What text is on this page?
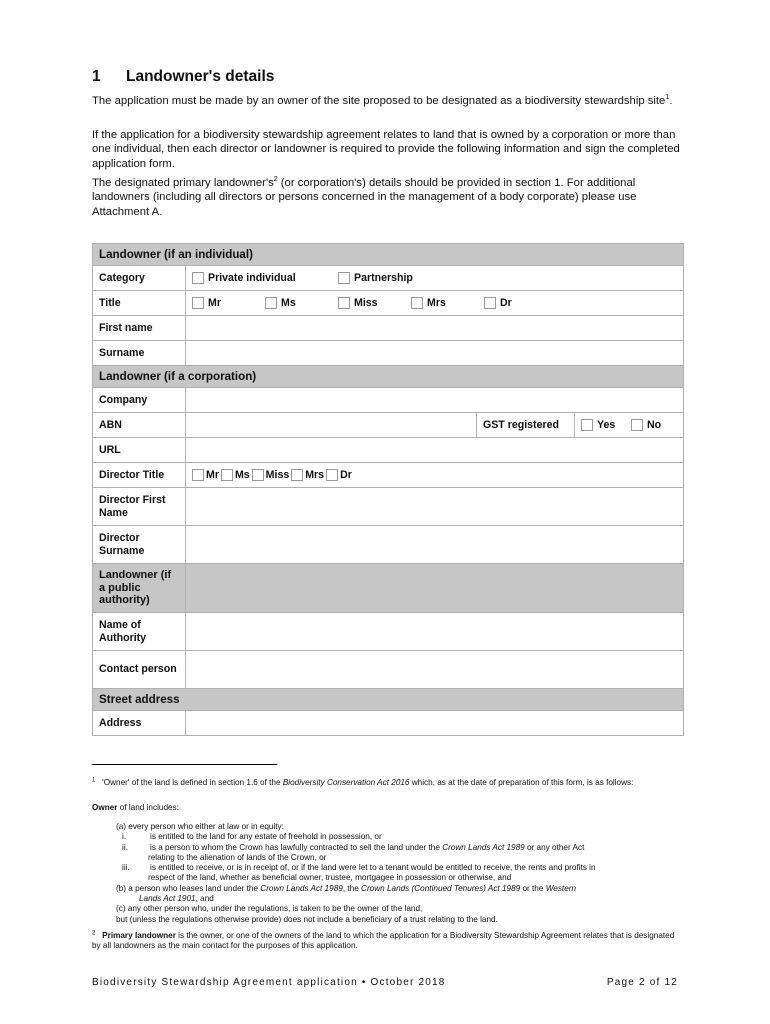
1 Landowner's details
The application must be made by an owner of the site proposed to be designated as a biodiversity stewardship site$^1$.
If the application for a biodiversity stewardship agreement relates to land that is owned by a corporation or more than one individual, then each director or landowner is required to provide the following information and sign the completed application form.
The designated primary $landowner's^2$ (or corporation's) details should be provided in section 1. For additional landowners (including all directors or persons concerned in the management of a body corporate) please use Attachment A.
Landowner (if an individual)			
Category	Private individual Partnership		

Title	Mr Ms Miss Mrs Dr		

First name			
Surname			
Landowner (if a corporation)			
Company			
ABN		GST registered	Yes No

URL			
Director Title	Mr Ms Miss Mrs Dr		

Director First Name			
Director Surname			
Landowner (if a public authority)			
Name of Authority			
Contact person			
Street address			
Address			
$^1$ 'Owner' of the land is defined in section 1.6 of the Biodiversity Conservation Act 2016 which, as at the date of preparation of this form, is as follows:
Owner of land includes:
(a) every person who either at law or in equity:
i.	is entitled to the land for any estate of freehold in possession, or
ii.	is a person to whom the Crown has lawfully contracted to sell the land under the Crown Lands Act 1989 or any other Act
relating to the alienation of lands of the Crown, or
iii.	is entitled to receive, or is in receipt of, or if the land were let to a tenant would be entitled to receive, the rents and profits in
respect of the land, whether as beneficial owner, trustee, mortgagee in possession or otherwise, and
(b) a person who leases land under the Crown Lands Act 1989, the Crown Lands (Continued Tenures) Act 1989 or the Western
Lands Act 1901, and
(c) any other person who, under the regulations, is taken to be the owner of the land,
but (unless the regulations otherwise provide) does not include a beneficiary of a trust relating to the land.
$^2$ Primary landowner is the owner, or one of the owners of the land to which the application for a Biodiversity Stewardship Agreement relates that is designated by all landowners as the main contact for the purposes of this application.
Biodiversity Stewardship Agreement application • October 2018	Page 2 of 12
